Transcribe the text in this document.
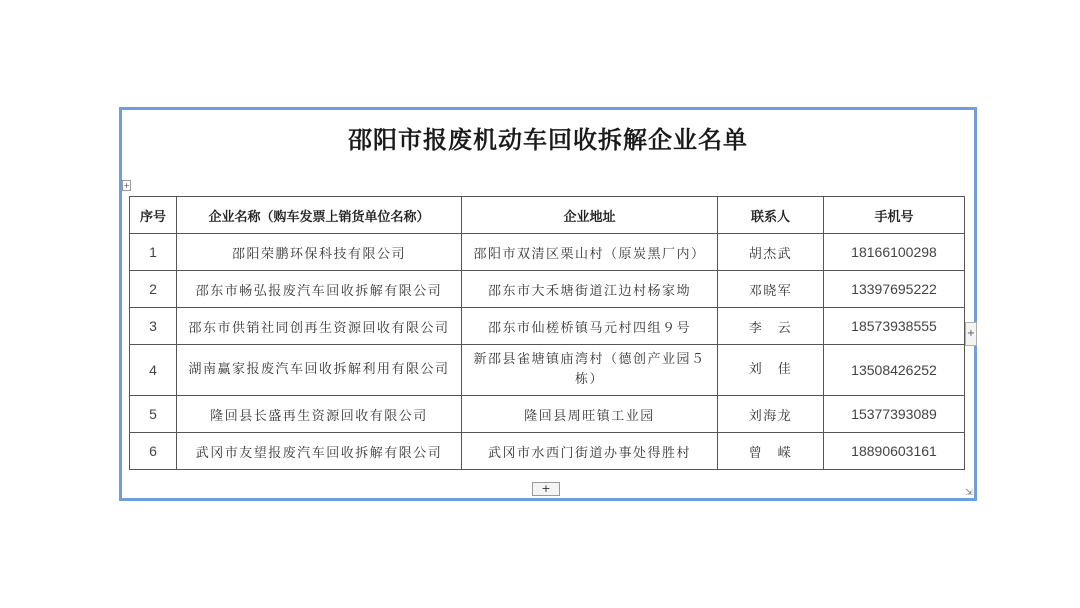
邵阳市报废机动车回收拆解企业名单
+
序号	企业名称（购车发票上销货单位名称）	企业地址	联系人	手机号
1	邵阳荣鹏环保科技有限公司	邵阳市双清区栗山村（原炭黑厂内）	胡杰武	18166100298
2	邵东市畅弘报废汽车回收拆解有限公司	邵东市大禾塘街道江边村杨家坳	邓晓军	13397695222
3	邵东市供销社同创再生资源回收有限公司	邵东市仙槎桥镇马元村四组９号	李　云	18573938555
4	湖南赢家报废汽车回收拆解利用有限公司	新邵县雀塘镇庙湾村（德创产业园５栋）	刘　佳	13508426252
5	隆回县长盛再生资源回收有限公司	隆回县周旺镇工业园	刘海龙	15377393089
6	武冈市友望报废汽车回收拆解有限公司	武冈市水西门街道办事处得胜村	曾　嵘	18890603161
+
+
⇲
